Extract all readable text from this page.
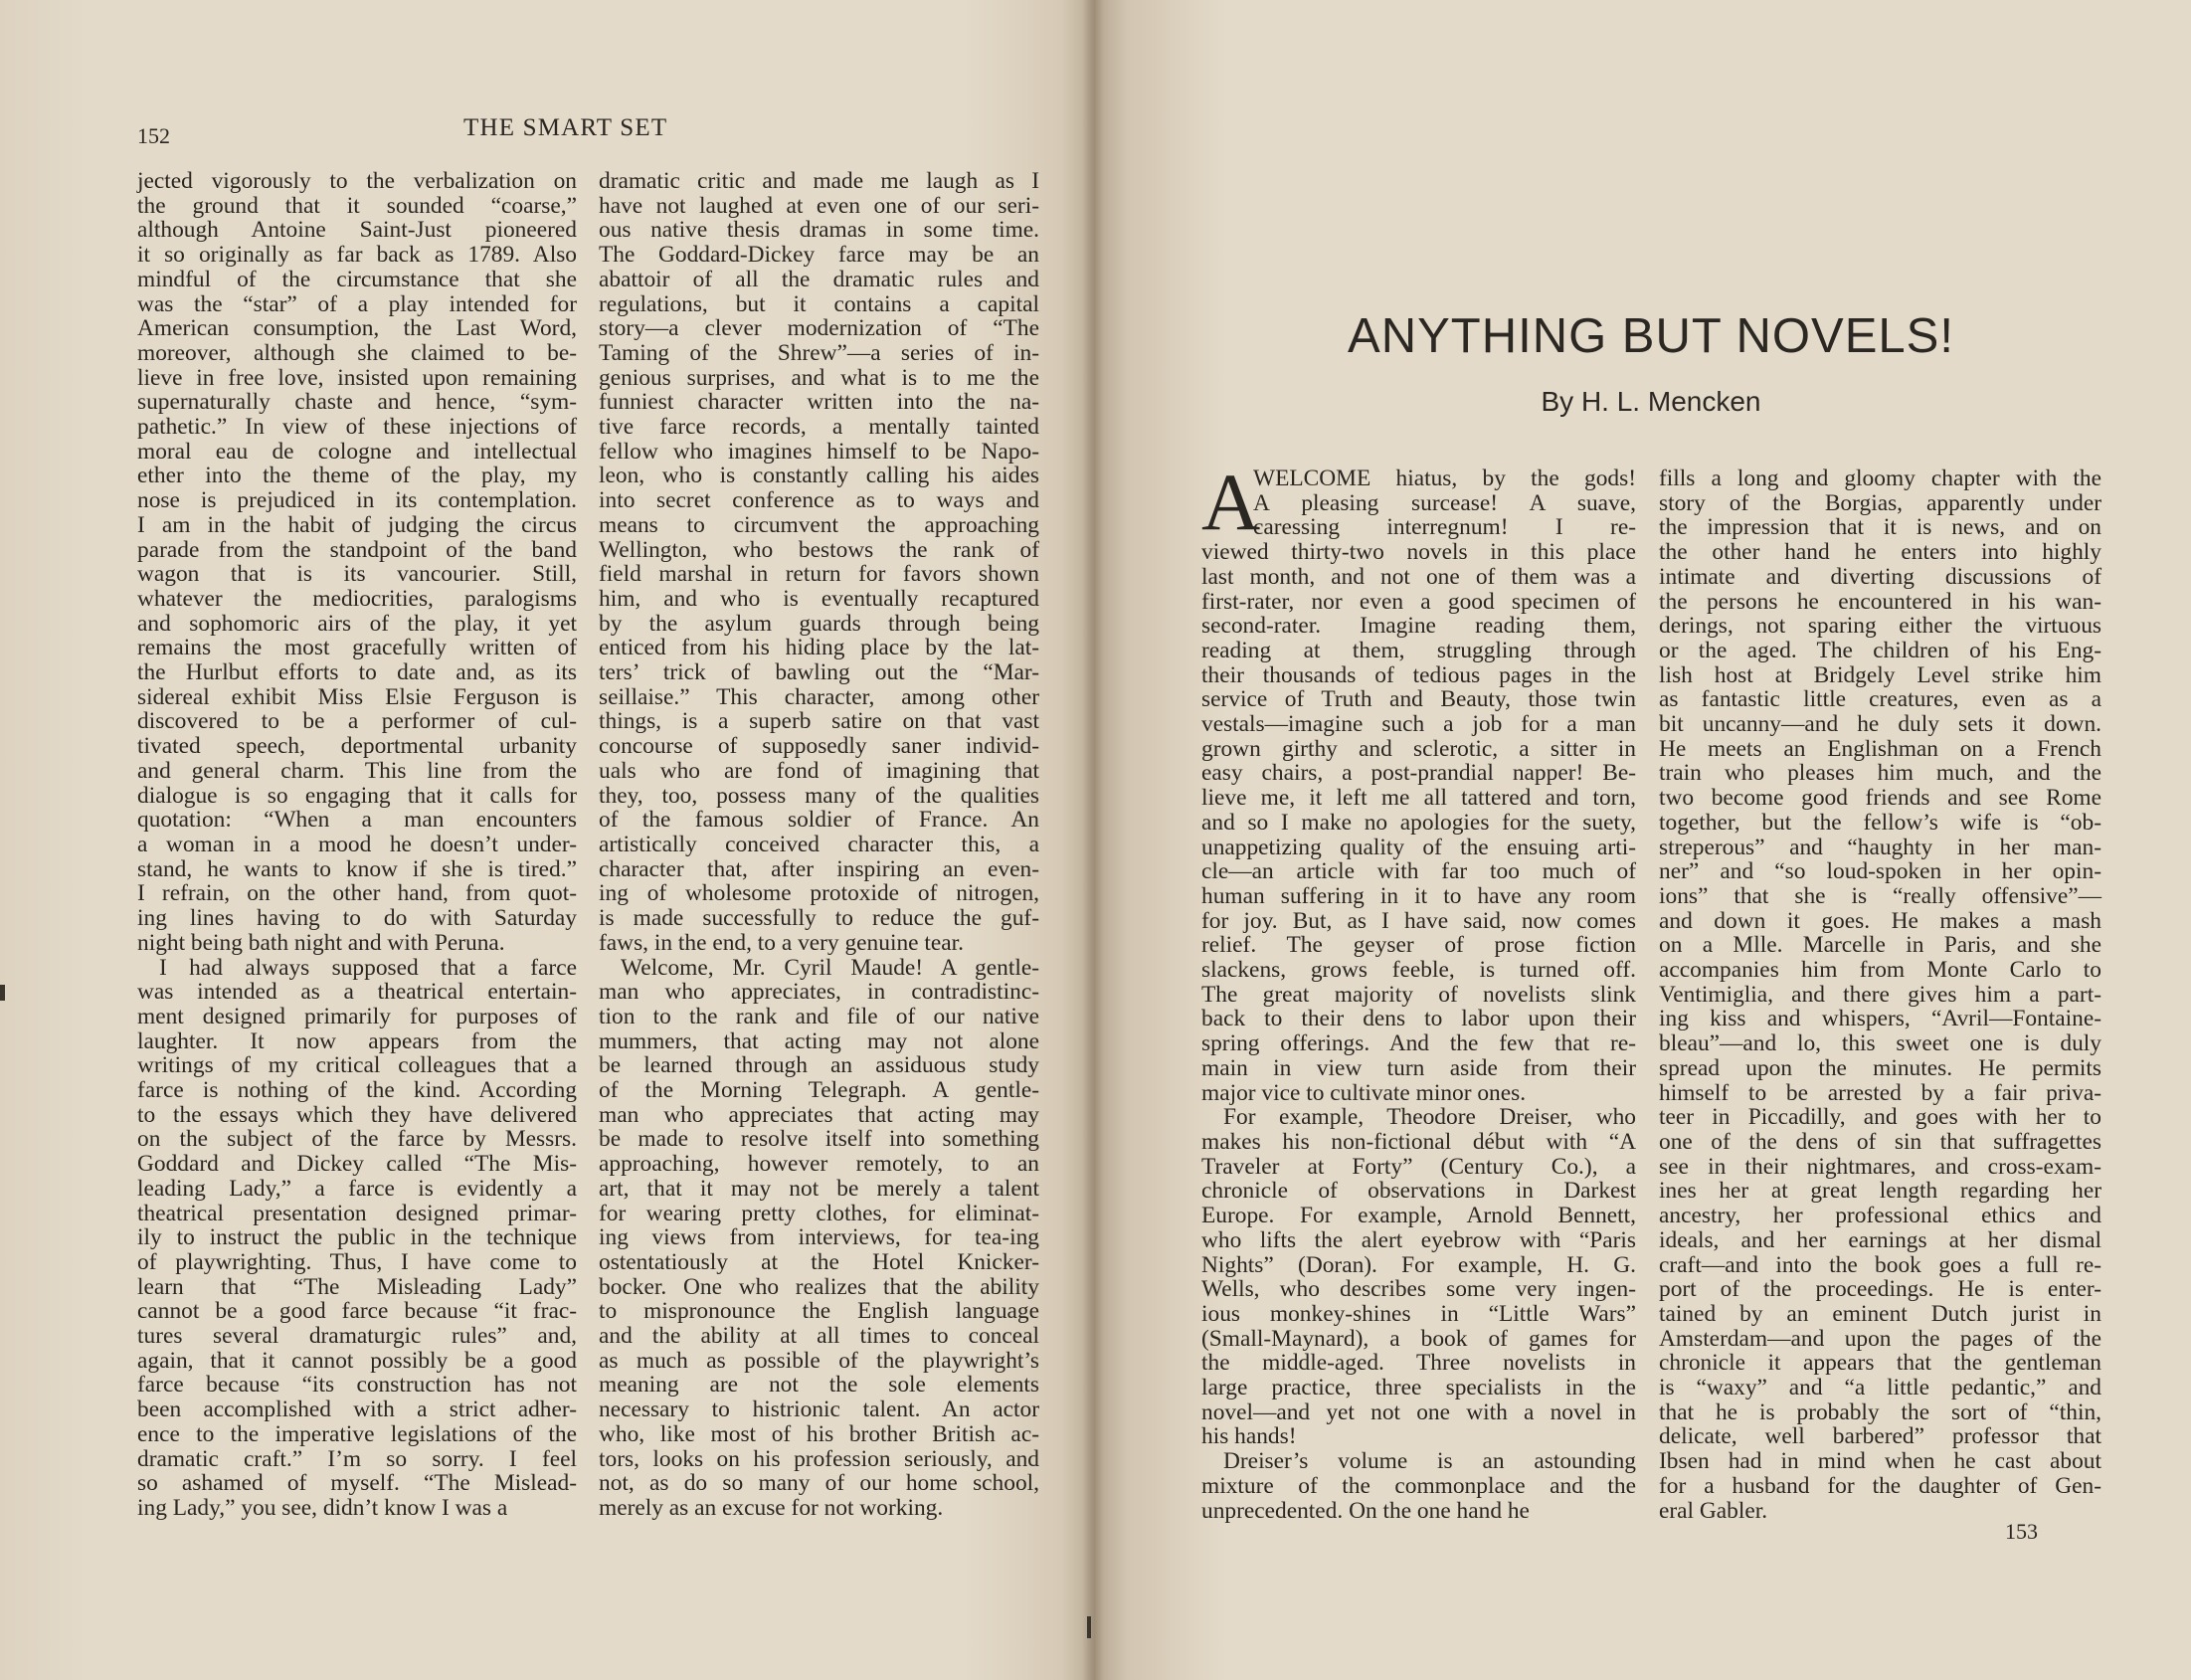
152	THE SMART SET
jected vigorously to the verbalization on
the ground that it sounded “coarse,”
although Antoine Saint-Just pioneered
it so originally as far back as 1789. Also
mindful of the circumstance that she
was the “star” of a play intended for
American consumption, the Last Word,
moreover, although she claimed to be-
lieve in free love, insisted upon remaining
supernaturally chaste and hence, “sym-
pathetic.” In view of these injections of
moral eau de cologne and intellectual
ether into the theme of the play, my
nose is prejudiced in its contemplation.
I am in the habit of judging the circus
parade from the standpoint of the band
wagon that is its vancourier. Still,
whatever the mediocrities, paralogisms
and sophomoric airs of the play, it yet
remains the most gracefully written of
the Hurlbut efforts to date and, as its
sidereal exhibit Miss Elsie Ferguson is
discovered to be a performer of cul-
tivated speech, deportmental urbanity
and general charm. This line from the
dialogue is so engaging that it calls for
quotation: “When a man encounters
a woman in a mood he doesn’t under-
stand, he wants to know if she is tired.”
I refrain, on the other hand, from quot-
ing lines having to do with Saturday
night being bath night and with Peruna.
I had always supposed that a farce
was intended as a theatrical entertain-
ment designed primarily for purposes of
laughter. It now appears from the
writings of my critical colleagues that a
farce is nothing of the kind. According
to the essays which they have delivered
on the subject of the farce by Messrs.
Goddard and Dickey called “The Mis-
leading Lady,” a farce is evidently a
theatrical presentation designed primar-
ily to instruct the public in the technique
of playwrighting. Thus, I have come to
learn that “The Misleading Lady”
cannot be a good farce because “it frac-
tures several dramaturgic rules” and,
again, that it cannot possibly be a good
farce because “its construction has not
been accomplished with a strict adher-
ence to the imperative legislations of the
dramatic craft.” I’m so sorry. I feel
so ashamed of myself. “The Mislead-
ing Lady,” you see, didn’t know I was a
dramatic critic and made me laugh as I
have not laughed at even one of our seri-
ous native thesis dramas in some time.
The Goddard-Dickey farce may be an
abattoir of all the dramatic rules and
regulations, but it contains a capital
story—a clever modernization of “The
Taming of the Shrew”—a series of in-
genious surprises, and what is to me the
funniest character written into the na-
tive farce records, a mentally tainted
fellow who imagines himself to be Napo-
leon, who is constantly calling his aides
into secret conference as to ways and
means to circumvent the approaching
Wellington, who bestows the rank of
field marshal in return for favors shown
him, and who is eventually recaptured
by the asylum guards through being
enticed from his hiding place by the lat-
ters’ trick of bawling out the “Mar-
seillaise.” This character, among other
things, is a superb satire on that vast
concourse of supposedly saner individ-
uals who are fond of imagining that
they, too, possess many of the qualities
of the famous soldier of France. An
artistically conceived character this, a
character that, after inspiring an even-
ing of wholesome protoxide of nitrogen,
is made successfully to reduce the guf-
faws, in the end, to a very genuine tear.
Welcome, Mr. Cyril Maude! A gentle-
man who appreciates, in contradistinc-
tion to the rank and file of our native
mummers, that acting may not alone
be learned through an assiduous study
of the Morning Telegraph. A gentle-
man who appreciates that acting may
be made to resolve itself into something
approaching, however remotely, to an
art, that it may not be merely a talent
for wearing pretty clothes, for eliminat-
ing views from interviews, for tea-ing
ostentatiously at the Hotel Knicker-
bocker. One who realizes that the ability
to mispronounce the English language
and the ability at all times to conceal
as much as possible of the playwright’s
meaning are not the sole elements
necessary to histrionic talent. An actor
who, like most of his brother British ac-
tors, looks on his profession seriously, and
not, as do so many of our home school,
merely as an excuse for not working.
ANYTHING BUT NOVELS!
By H. L. Mencken
A
WELCOME hiatus, by the gods!
A pleasing surcease! A suave,
caressing interregnum! I re-
viewed thirty-two novels in this place
last month, and not one of them was a
first-rater, nor even a good specimen of
second-rater. Imagine reading them,
reading at them, struggling through
their thousands of tedious pages in the
service of Truth and Beauty, those twin
vestals—imagine such a job for a man
grown girthy and sclerotic, a sitter in
easy chairs, a post-prandial napper! Be-
lieve me, it left me all tattered and torn,
and so I make no apologies for the suety,
unappetizing quality of the ensuing arti-
cle—an article with far too much of
human suffering in it to have any room
for joy. But, as I have said, now comes
relief. The geyser of prose fiction
slackens, grows feeble, is turned off.
The great majority of novelists slink
back to their dens to labor upon their
spring offerings. And the few that re-
main in view turn aside from their
major vice to cultivate minor ones.
For example, Theodore Dreiser, who
makes his non-fictional début with “A
Traveler at Forty” (Century Co.), a
chronicle of observations in Darkest
Europe. For example, Arnold Bennett,
who lifts the alert eyebrow with “Paris
Nights” (Doran). For example, H. G.
Wells, who describes some very ingen-
ious monkey-shines in “Little Wars”
(Small-Maynard), a book of games for
the middle-aged. Three novelists in
large practice, three specialists in the
novel—and yet not one with a novel in
his hands!
Dreiser’s volume is an astounding
mixture of the commonplace and the
unprecedented. On the one hand he
fills a long and gloomy chapter with the
story of the Borgias, apparently under
the impression that it is news, and on
the other hand he enters into highly
intimate and diverting discussions of
the persons he encountered in his wan-
derings, not sparing either the virtuous
or the aged. The children of his Eng-
lish host at Bridgely Level strike him
as fantastic little creatures, even as a
bit uncanny—and he duly sets it down.
He meets an Englishman on a French
train who pleases him much, and the
two become good friends and see Rome
together, but the fellow’s wife is “ob-
streperous” and “haughty in her man-
ner” and “so loud-spoken in her opin-
ions” that she is “really offensive”—
and down it goes. He makes a mash
on a Mlle. Marcelle in Paris, and she
accompanies him from Monte Carlo to
Ventimiglia, and there gives him a part-
ing kiss and whispers, “Avril—Fontaine-
bleau”—and lo, this sweet one is duly
spread upon the minutes. He permits
himself to be arrested by a fair priva-
teer in Piccadilly, and goes with her to
one of the dens of sin that suffragettes
see in their nightmares, and cross-exam-
ines her at great length regarding her
ancestry, her professional ethics and
ideals, and her earnings at her dismal
craft—and into the book goes a full re-
port of the proceedings. He is enter-
tained by an eminent Dutch jurist in
Amsterdam—and upon the pages of the
chronicle it appears that the gentleman
is “waxy” and “a little pedantic,” and
that he is probably the sort of “thin,
delicate, well barbered” professor that
Ibsen had in mind when he cast about
for a husband for the daughter of Gen-
eral Gabler.
153
